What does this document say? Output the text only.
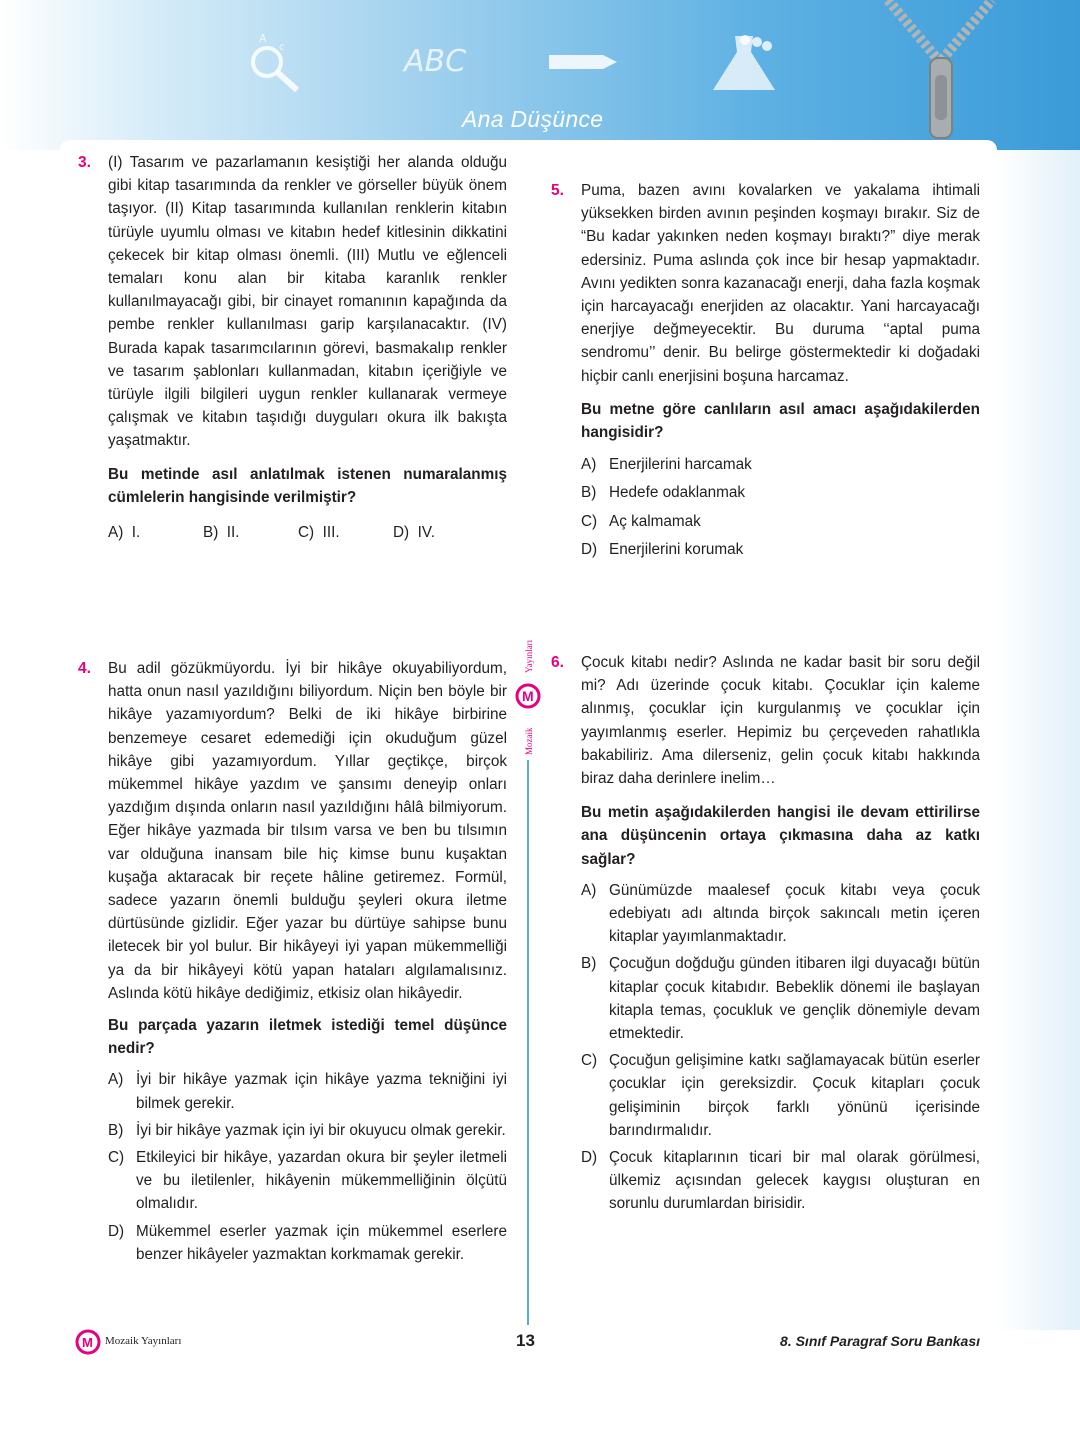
A
c	ABC
Ana Düşünce
Yayınları
M
Mozaik
3. (I) Tasarım ve pazarlamanın kesiştiği her alanda olduğu gibi kitap tasarımında da renkler ve görseller büyük önem taşıyor. (II) Kitap tasarımında kullanılan renklerin kitabın türüyle uyumlu olması ve kitabın hedef kitlesinin dikkatini çekecek bir kitap olması önemli. (III) Mutlu ve eğlenceli temaları konu alan bir kitaba karanlık renkler kullanılmayacağı gibi, bir cinayet romanının kapağında da pembe renkler kullanılması garip karşılanacaktır. (IV) Burada kapak tasarımcılarının görevi, basmakalıp renkler ve tasarım şablonları kullanmadan, kitabın içeriğiyle ve türüyle ilgili bilgileri uygun renkler kullanarak vermeye çalışmak ve kitabın taşıdığı duyguları okura ilk bakışta yaşatmaktır.

Bu metinde asıl anlatılmak istenen numaralanmış cümlelerin hangisinde verilmiştir?

A) I.	B) II.	C) III.	D) IV.
5. Puma, bazen avını kovalarken ve yakalama ihtimali yüksekken birden avının peşinden koşmayı bırakır. Siz de “Bu kadar yakınken neden koşmayı bıraktı?” diye merak edersiniz. Puma aslında çok ince bir hesap yapmaktadır. Avını yedikten sonra kazanacağı enerji, daha fazla koşmak için harcayacağı enerjiden az olacaktır. Yani harcayacağı enerjiye değmeyecektir. Bu duruma ‘‘aptal puma sendromu’’ denir. Bu belirge göstermektedir ki doğadaki hiçbir canlı enerjisini boşuna harcamaz.

Bu metne göre canlıların asıl amacı aşağıdakilerden hangisidir?

A) Enerjilerini harcamak
B) Hedefe odaklanmak
C) Aç kalmamak
D) Enerjilerini korumak
4. Bu adil gözükmüyordu. İyi bir hikâye okuyabiliyordum, hatta onun nasıl yazıldığını biliyordum. Niçin ben böyle bir hikâye yazamıyordum? Belki de iki hikâye birbirine benzemeye cesaret edemediği için okuduğum güzel hikâye gibi yazamıyordum. Yıllar geçtikçe, birçok mükemmel hikâye yazdım ve şansımı deneyip onları yazdığım dışında onların nasıl yazıldığını hâlâ bilmiyorum. Eğer hikâye yazmada bir tılsım varsa ve ben bu tılsımın var olduğuna inansam bile hiç kimse bunu kuşaktan kuşağa aktaracak bir reçete hâline getiremez. Formül, sadece yazarın önemli bulduğu şeyleri okura iletme dürtüsünde gizlidir. Eğer yazar bu dürtüye sahipse bunu iletecek bir yol bulur. Bir hikâyeyi iyi yapan mükemmelliği ya da bir hikâyeyi kötü yapan hataları algılamalısınız. Aslında kötü hikâye dediğimiz, etkisiz olan hikâyedir.

Bu parçada yazarın iletmek istediği temel düşünce nedir?

A) İyi bir hikâye yazmak için hikâye yazma tekniğini iyi bilmek gerekir.
B) İyi bir hikâye yazmak için iyi bir okuyucu olmak gerekir.
C) Etkileyici bir hikâye, yazardan okura bir şeyler iletmeli ve bu iletilenler, hikâyenin mükemmelliğinin ölçütü olmalıdır.
D) Mükemmel eserler yazmak için mükemmel eserlere benzer hikâyeler yazmaktan korkmamak gerekir.
6. Çocuk kitabı nedir? Aslında ne kadar basit bir soru değil mi? Adı üzerinde çocuk kitabı. Çocuklar için kaleme alınmış, çocuklar için kurgulanmış ve çocuklar için yayımlanmış eserler. Hepimiz bu çerçeveden rahatlıkla bakabiliriz. Ama dilerseniz, gelin çocuk kitabı hakkında biraz daha derinlere inelim…

Bu metin aşağıdakilerden hangisi ile devam ettirilirse ana düşüncenin ortaya çıkmasına daha az katkı sağlar?

A) Günümüzde maalesef çocuk kitabı veya çocuk edebiyatı adı altında birçok sakıncalı metin içeren kitaplar yayımlanmaktadır.
B) Çocuğun doğduğu günden itibaren ilgi duyacağı bütün kitaplar çocuk kitabıdır. Bebeklik dönemi ile başlayan kitapla temas, çocukluk ve gençlik dönemiyle devam etmektedir.
C) Çocuğun gelişimine katkı sağlamayacak bütün eserler çocuklar için gereksizdir. Çocuk kitapları çocuk gelişiminin birçok farklı yönünü içerisinde barındırmalıdır.
D) Çocuk kitaplarının ticari bir mal olarak görülmesi, ülkemiz açısından gelecek kaygısı oluşturan en sorunlu durumlardan birisidir.
M Mozaik Yayınları	13	8. Sınıf Paragraf Soru Bankası
